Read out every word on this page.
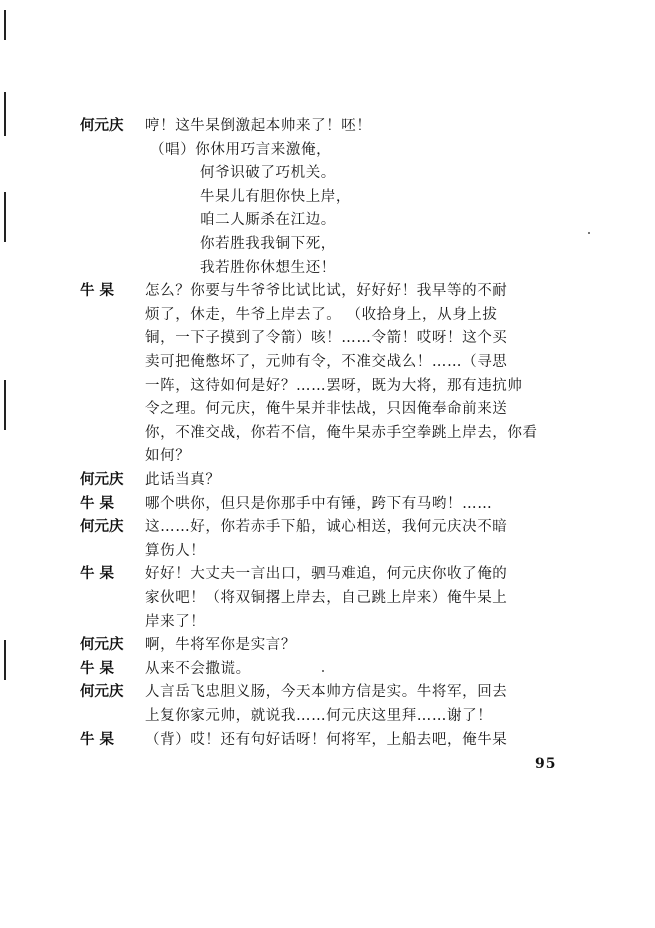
何元庆 哼！这牛杲倒激起本帅来了！呸！
（唱）你休用巧言来激俺，
何爷识破了巧机关。
牛杲儿有胆你快上岸，
咱二人厮杀在江边。
你若胜我我铜下死，
我若胜你休想生还！
牛 杲 怎么？你要与牛爷爷比试比试，好好好！我早等的不耐
烦了，休走，牛爷上岸去了。 （收拾身上，从身上拔
铜，一下子摸到了令箭）咳！……令箭！哎呀！这个买
卖可把俺憋坏了，元帅有令，不准交战么！……（寻思
一阵，这待如何是好？……罢呀，既为大将，那有违抗帅
令之理。何元庆，俺牛杲并非怯战，只因俺奉命前来送
你，不准交战，你若不信，俺牛杲赤手空拳跳上岸去，你看
如何？
何元庆 此话当真？
牛 杲 哪个哄你，但只是你那手中有锤，跨下有马哟！……
何元庆 这……好，你若赤手下船，诚心相送，我何元庆决不暗
算伤人！
牛 杲 好好！大丈夫一言出口，驷马难追，何元庆你收了俺的
家伙吧！（将双铜撂上岸去，自己跳上岸来）俺牛杲上
岸来了！
何元庆 啊，牛将军你是实言？
牛 杲 从来不会撒谎。
何元庆 人言岳飞忠胆义肠，今天本帅方信是实。牛将军，回去
上复你家元帅，就说我……何元庆这里拜……谢了！
牛 杲 （背）哎！还有句好话呀！何将军，上船去吧，俺牛杲
95
